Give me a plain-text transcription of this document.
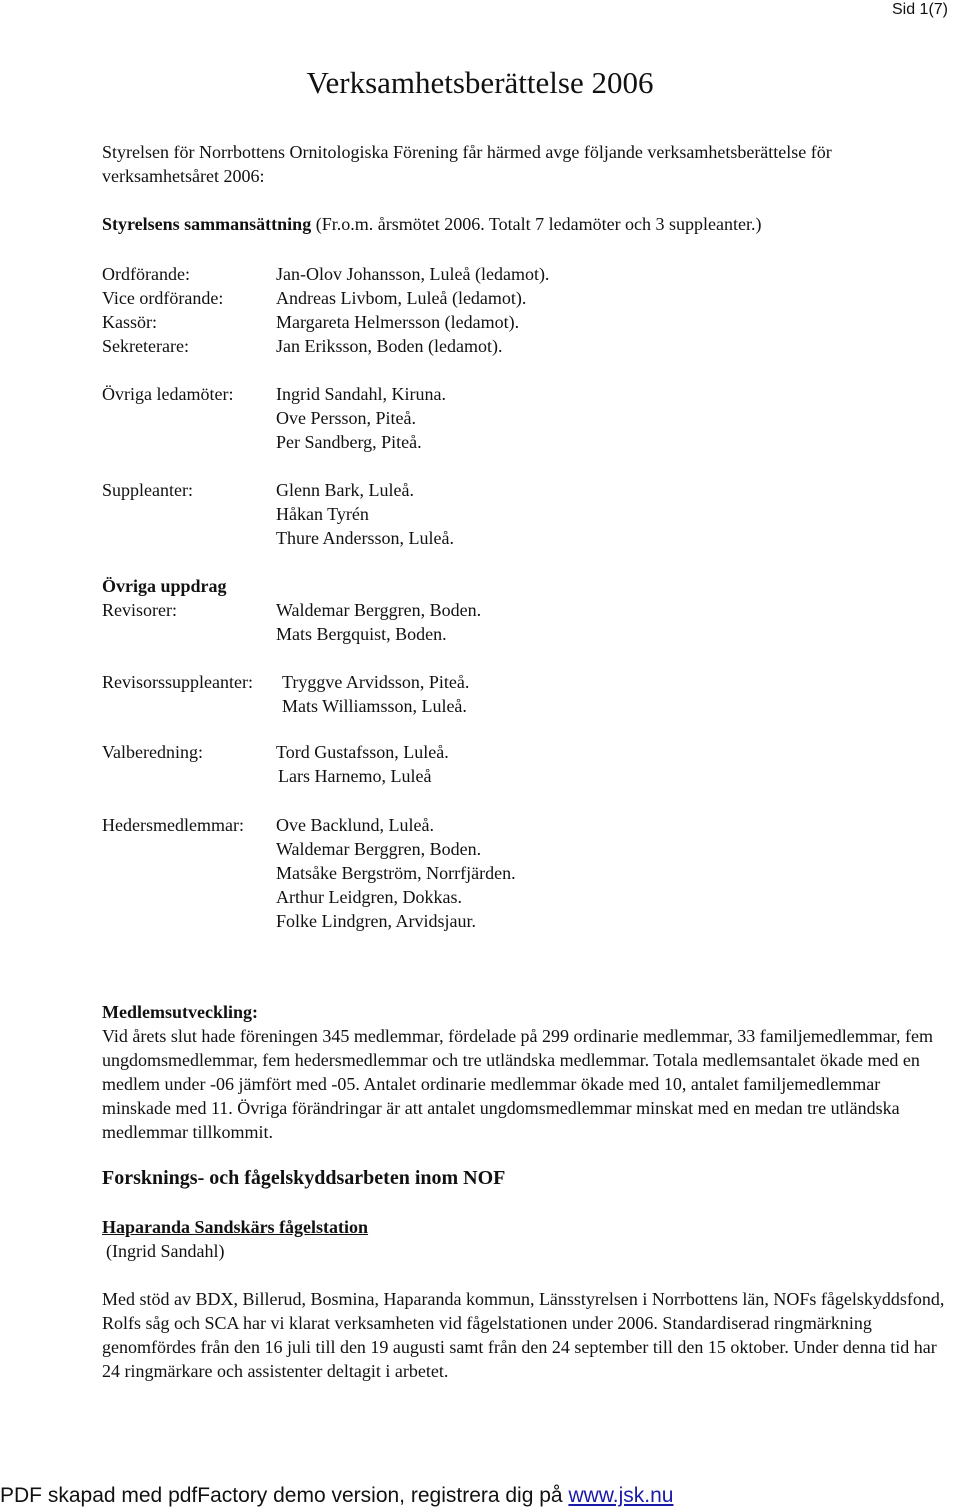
Sid 1(7)
Verksamhetsberättelse 2006

Styrelsen för Norrbottens Ornitologiska Förening får härmed avge följande verksamhetsberättelse för verksamhetsåret 2006:

Styrelsens sammansättning (Fr.o.m. årsmötet 2006. Totalt 7 ledamöter och 3 suppleanter.)

Ordförande:	Jan-Olov Johansson, Luleå (ledamot).
Vice ordförande:	Andreas Livbom, Luleå (ledamot).
Kassör:	Margareta Helmersson (ledamot).
Sekreterare:	Jan Eriksson, Boden (ledamot).
Övriga ledamöter: Ingrid Sandahl, Kiruna.
Ove Persson, Piteå.
Per Sandberg, Piteå.
Suppleanter:	Glenn Bark, Luleå.
Håkan Tyrén
Thure Andersson, Luleå.
Övriga uppdrag
Revisorer:	Waldemar Berggren, Boden.
Mats Bergquist, Boden.
Revisorssuppleanter: Tryggve Arvidsson, Piteå.
Mats Williamsson, Luleå.
Valberedning:	Tord Gustafsson, Luleå.
Lars Harnemo, Luleå
Hedersmedlemmar: Ove Backlund, Luleå.
Waldemar Berggren, Boden.
Matsåke Bergström, Norrfjärden.
Arthur Leidgren, Dokkas.
Folke Lindgren, Arvidsjaur.
Medlemsutveckling:

Vid årets slut hade föreningen 345 medlemmar, fördelade på 299 ordinarie medlemmar, 33 familjemedlemmar, fem ungdomsmedlemmar, fem hedersmedlemmar och tre utländska medlemmar. Totala medlemsantalet ökade med en medlem under -06 jämfört med -05. Antalet ordinarie medlemmar ökade med 10, antalet familjemedlemmar minskade med 11. Övriga förändringar är att antalet ungdomsmedlemmar minskat med en medan tre utländska medlemmar tillkommit.

Forsknings- och fågelskyddsarbeten inom NOF
Haparanda Sandskärs fågelstation
(Ingrid Sandahl)

Med stöd av BDX, Billerud, Bosmina, Haparanda kommun, Länsstyrelsen i Norrbottens län, NOFs fågelskyddsfond, Rolfs såg och SCA har vi klarat verksamheten vid fågelstationen under 2006. Standardiserad ringmärkning genomfördes från den 16 juli till den 19 augusti samt från den 24 september till den 15 oktober. Under denna tid har 24 ringmärkare och assistenter deltagit i arbetet.

PDF skapad med pdfFactory demo version, registrera dig på www.jsk.nu
